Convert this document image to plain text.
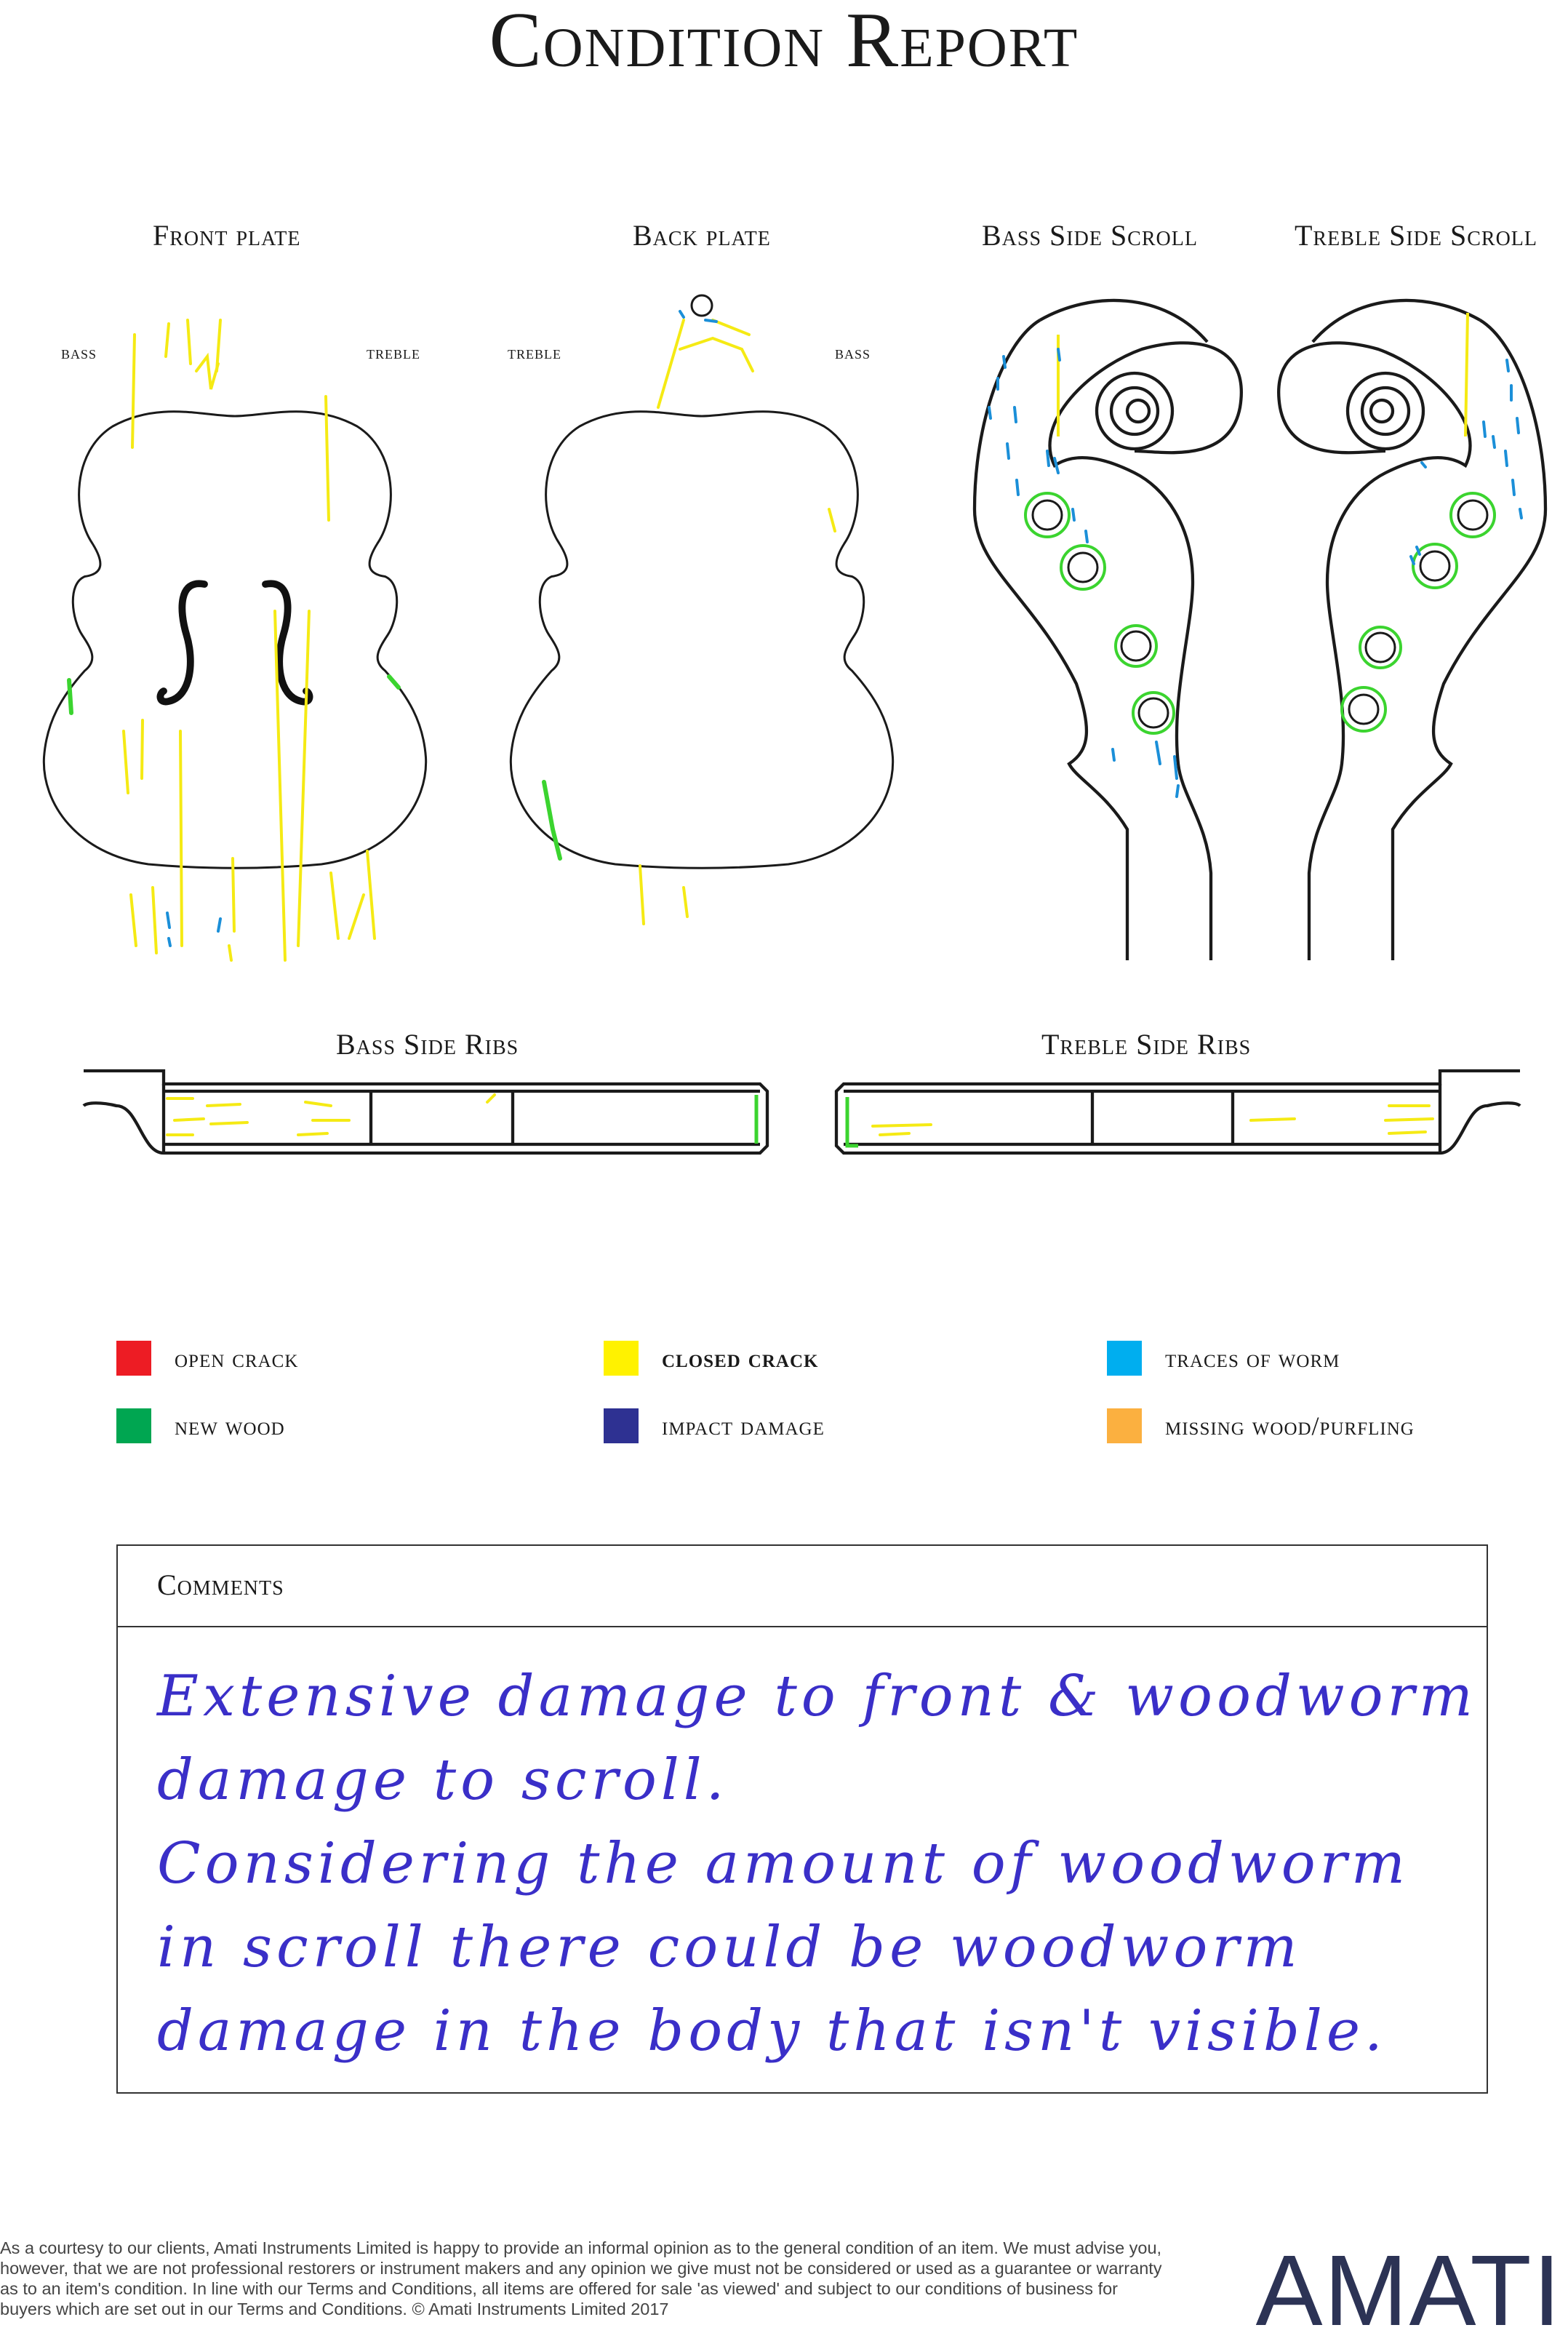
Condition Report
Front plate	Back plate	Bass Side Scroll	Treble Side Scroll
Bass Side Ribs	Treble Side Ribs
bass	treble	treble	bass
open crack	closed crack	traces of worm
new wood	impact damage	missing wood/purfling
Comments
Extensive damage to front & woodworm
damage to scroll.
Considering the amount of woodworm
in scroll there could be woodworm
damage in the body that isn't visible.
As a courtesy to our clients, Amati Instruments Limited is happy to provide an informal opinion as to the general condition of an item. We must advise you, however, that we are not professional restorers or instrument makers and any opinion we give must not be considered or used as a guarantee or warranty as to an item's condition. In line with our Terms and Conditions, all items are offered for sale 'as viewed' and subject to our conditions of business for buyers which are set out in our Terms and Conditions. © Amati Instruments Limited 2017	AMATI
